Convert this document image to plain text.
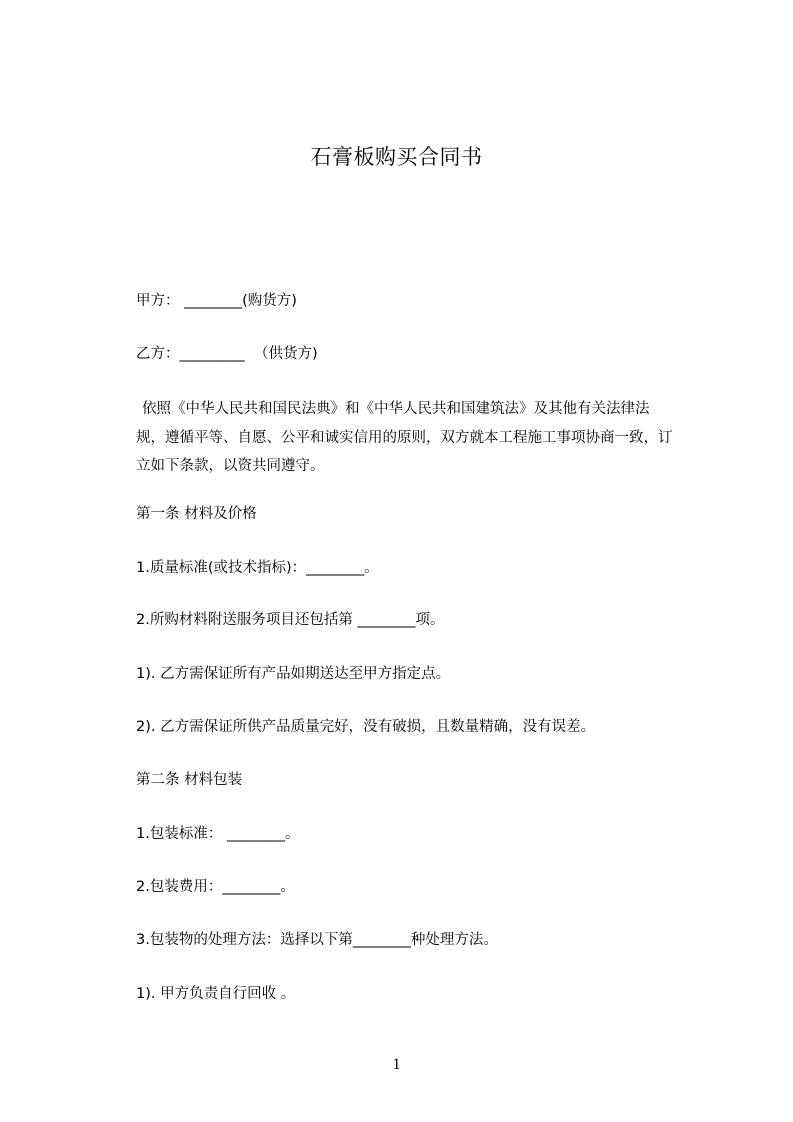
石膏板购买合同书
甲方： ________(购货方)
乙方：_________  （供货方)
依照《中华人民共和国民法典》和《中华人民共和国建筑法》及其他有关法律法
规，遵循平等、自愿、公平和诚实信用的原则，双方就本工程施工事项协商一致，订
立如下条款，以资共同遵守。
第一条 材料及价格
1.质量标准(或技术指标)：________。
2.所购材料附送服务项目还包括第 ________项。
1). 乙方需保证所有产品如期送达至甲方指定点。
2). 乙方需保证所供产品质量完好，没有破损，且数量精确，没有误差。
第二条 材料包装
1.包装标准： ________。
2.包装费用：________。
3.包装物的处理方法：选择以下第________种处理方法。
1). 甲方负责自行回收 。
1
